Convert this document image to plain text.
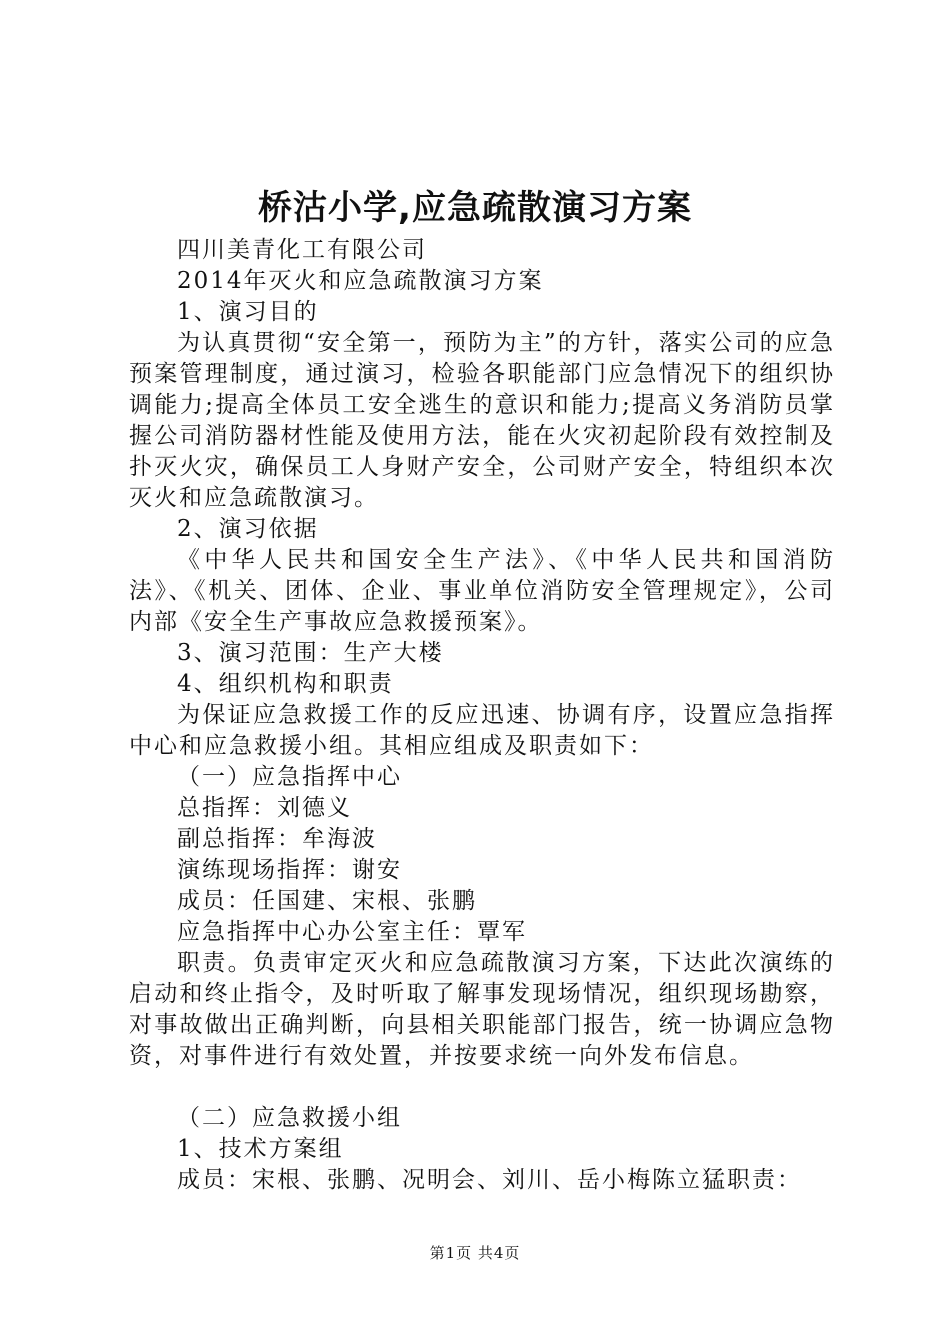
桥沽小学,应急疏散演习方案

四川美青化工有限公司

2014年灭火和应急疏散演习方案

1、演习目的

为认真贯彻“安全第一，预防为主”的方针，落实公司的应急预案管理制度，通过演习，检验各职能部门应急情况下的组织协调能力;提高全体员工安全逃生的意识和能力;提高义务消防员掌握公司消防器材性能及使用方法，能在火灾初起阶段有效控制及扑灭火灾，确保员工人身财产安全，公司财产安全，特组织本次灭火和应急疏散演习。

2、演习依据

《中华人民共和国安全生产法》、《中华人民共和国消防法》、《机关、团体、企业、事业单位消防安全管理规定》，公司内部《安全生产事故应急救援预案》。

3、演习范围：生产大楼

4、组织机构和职责

为保证应急救援工作的反应迅速、协调有序，设置应急指挥中心和应急救援小组。其相应组成及职责如下：

（一）应急指挥中心

总指挥：刘德义

副总指挥：牟海波

演练现场指挥：谢安

成员：任国建、宋根、张鹏

应急指挥中心办公室主任：覃军

职责。负责审定灭火和应急疏散演习方案，下达此次演练的启动和终止指令，及时听取了解事发现场情况，组织现场勘察，对事故做出正确判断，向县相关职能部门报告，统一协调应急物资，对事件进行有效处置，并按要求统一向外发布信息。

（二）应急救援小组

1、技术方案组

成员：宋根、张鹏、况明会、刘川、岳小梅陈立猛职责：

第1页 共4页
